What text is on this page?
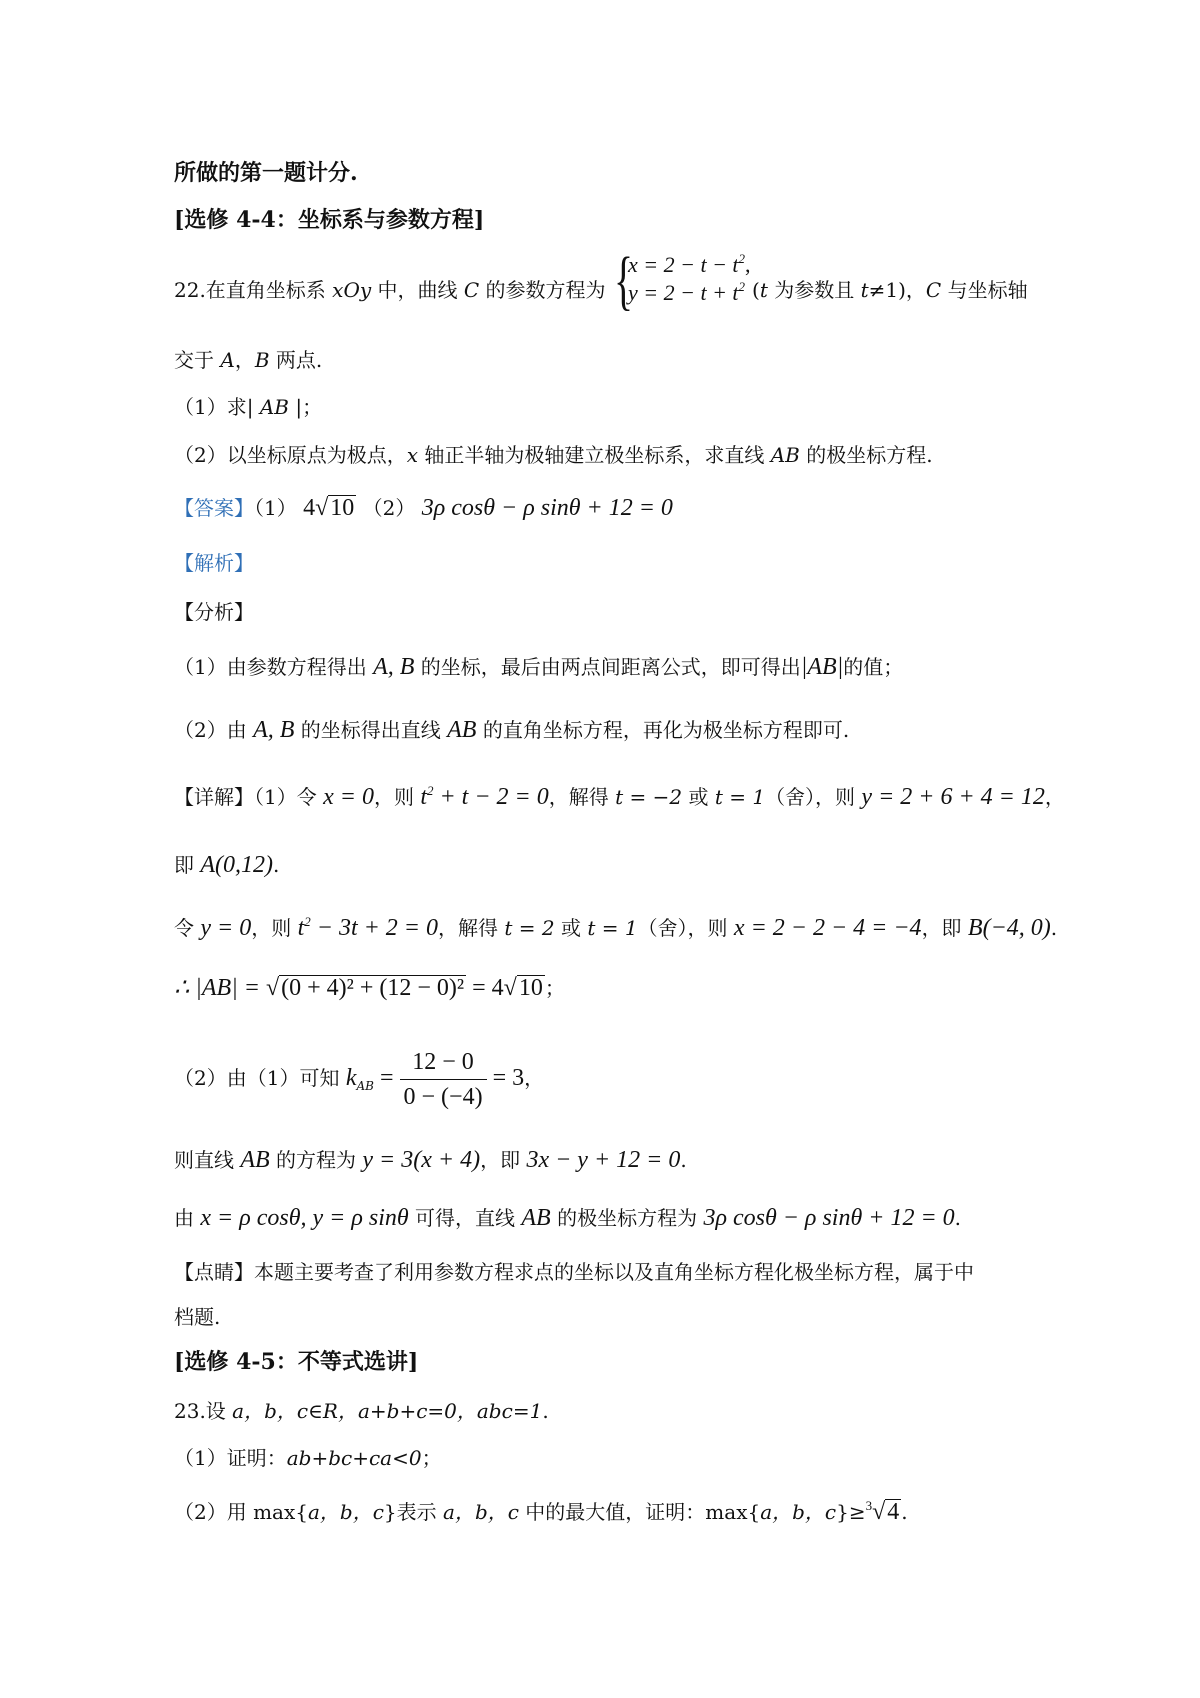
所做的第一题计分.
[选修 4-4：坐标系与参数方程]
22.在直角坐标系 xOy 中，曲线 C 的参数方程为 {
$x = 2 - t - t^2$,
$y = 2 - t + t^2$ (t 为参数且 t≠1)，C 与坐标轴
交于 A，B 两点.
（1）求| AB |；
（2）以坐标原点为极点，x 轴正半轴为极轴建立极坐标系，求直线 AB 的极坐标方程.
【答案】（1） 4√10 （2） 3ρ cosθ − ρ sinθ + 12 = 0
【解析】
【分析】
（1）由参数方程得出 A, B 的坐标，最后由两点间距离公式，即可得出|AB|的值；
（2）由 A, B 的坐标得出直线 AB 的直角坐标方程，再化为极坐标方程即可.
【详解】（1）令 x = 0，则 $t^2 + t - 2 = 0$，解得 t = −2 或 t = 1（舍），则 y = 2 + 6 + 4 = 12，
即 A(0,12).
令 y = 0，则 $t^2 - 3t + 2 = 0$，解得 t = 2 或 t = 1（舍），则 x = 2 − 2 − 4 = −4，即 B(−4, 0).
∴ |AB| = √(0 + 4)² + (12 − 0)² = 4√10 ；
（2）由（1）可知 $k_{AB} = \frac{12 - 0}{0 - (-4)} = 3$，
则直线 AB 的方程为 y = 3(x + 4)，即 3x − y + 12 = 0.
由 x = ρ cosθ, y = ρ sinθ 可得，直线 AB 的极坐标方程为 3ρ cosθ − ρ sinθ + 12 = 0.
【点睛】本题主要考查了利用参数方程求点的坐标以及直角坐标方程化极坐标方程，属于中
档题.
[选修 4-5：不等式选讲]
23.设 a，b，c∈R，a+b+c=0，abc=1.
（1）证明：ab+bc+ca<0；
（2）用 max{a，b，c}表示 a，b，c 中的最大值，证明：max{a，b，c}≥$^3$√4 .
